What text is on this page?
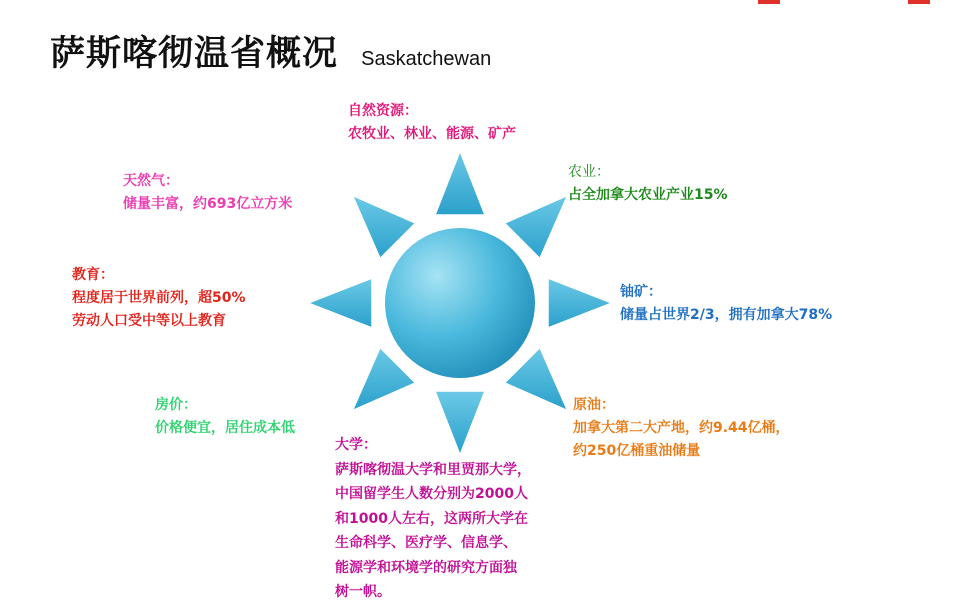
萨斯喀彻温省概况 Saskatchewan
自然资源：
农牧业、林业、能源、矿产
天然气：
储量丰富，约693亿立方米
农业：
占全加拿大农业产业15%
教育：
程度居于世界前列，超50%
劳动人口受中等以上教育
铀矿：
储量占世界2/3，拥有加拿大78%
房价：
价格便宜，居住成本低
原油：
加拿大第二大产地，约9.44亿桶，
约250亿桶重油储量
大学：
萨斯喀彻温大学和里贾那大学，
中国留学生人数分别为2000人
和1000人左右，这两所大学在
生命科学、医疗学、信息学、
能源学和环境学的研究方面独
树一帜。
